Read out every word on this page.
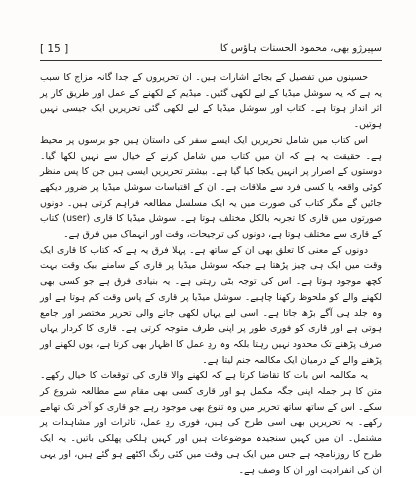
سپیرژو بھی، محمود الحسنات ہاؤس کا
[ 15 ]

حسینوں میں تفصیل کے بجائے اشارات ہیں۔ ان تحریروں کے جدا گانہ مزاج کا سبب یہ ہے کہ یہ سوشل میڈیا کے لیے لکھی گئیں۔ میڈیم کے لکھنے کے عمل اور طریق کار پر اثر انداز ہوتا ہے۔ کتاب اور سوشل میڈیا کے لیے لکھی گئی تحریریں ایک جیسی نہیں ہوتیں۔

اس کتاب میں شامل تحریریں ایک ایسے سفر کی داستان ہیں جو برسوں پر محیط ہے۔ حقیقت یہ ہے کہ ان میں کتاب میں شامل کرنے کے خیال سے نہیں لکھا گیا۔ دوستوں کے اصرار پر انہیں یکجا کیا گیا ہے۔ بیشتر تحریریں ایسی ہیں جن کا پس منظر کوئی واقعہ یا کسی فرد سے ملاقات ہے۔ ان کے اقتباسات سوشل میڈیا پر ضرور دیکھے جائیں گے مگر کتاب کی صورت میں یہ ایک مسلسل مطالعہ فراہم کرتی ہیں۔ دونوں صورتوں میں قاری کا تجربہ بالکل مختلف ہوتا ہے۔ سوشل میڈیا کا قاری (user) کتاب کے قاری سے مختلف ہوتا ہے، دونوں کی ترجیحات، وقت اور انہماک میں فرق ہے۔

دونوں کے معنی کا تعلق بھی ان کے ساتھ ہے۔ پہلا فرق یہ ہے کہ کتاب کا قاری ایک وقت میں ایک ہی چیز پڑھتا ہے جبکہ سوشل میڈیا پر قاری کے سامنے بیک وقت بہت کچھ موجود ہوتا ہے۔ اس کی توجہ بٹی رہتی ہے۔ یہ بنیادی فرق ہے جو کسی بھی لکھنے والے کو ملحوظ رکھنا چاہیے۔ سوشل میڈیا پر قاری کے پاس وقت کم ہوتا ہے اور وہ جلد ہی آگے بڑھ جاتا ہے۔ اسی لیے یہاں لکھی جانے والی تحریر مختصر اور جامع ہوتی ہے اور قاری کو فوری طور پر اپنی طرف متوجہ کرتی ہے۔ قاری کا کردار یہاں صرف پڑھنے تک محدود نہیں رہتا بلکہ وہ ردِ عمل کا اظہار بھی کرتا ہے، یوں لکھنے اور پڑھنے والے کے درمیان ایک مکالمہ جنم لیتا ہے۔

یہ مکالمہ اس بات کا تقاضا کرتا ہے کہ لکھنے والا قاری کی توقعات کا خیال رکھے۔ متن کا ہر جملہ اپنی جگہ مکمل ہو اور قاری کسی بھی مقام سے مطالعہ شروع کر سکے۔ اس کے ساتھ ساتھ تحریر میں وہ تنوع بھی موجود رہے جو قاری کو آخر تک تھامے رکھے۔ یہ تحریریں بھی اسی طرح کی ہیں، فوری ردِ عمل، تاثرات اور مشاہدات پر مشتمل۔ ان میں کہیں سنجیدہ موضوعات ہیں اور کہیں ہلکی پھلکی باتیں۔ یہ ایک طرح کا روزنامچہ ہے جس میں ایک ہی وقت میں کئی رنگ اکٹھے ہو گئے ہیں، اور یہی ان کی انفرادیت اور ان کا وصف ہے۔
